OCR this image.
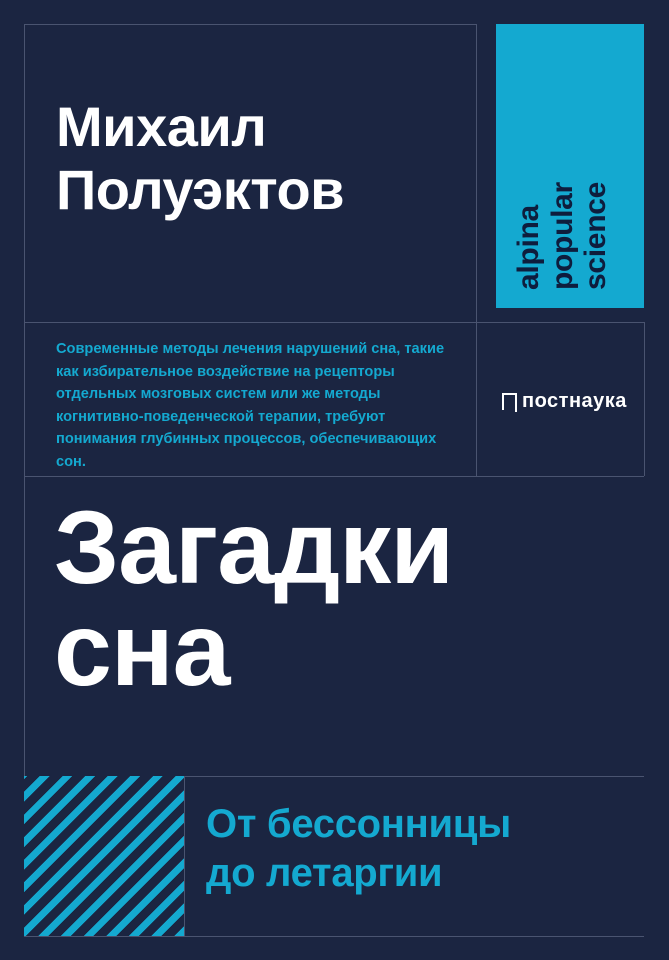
Михаил
Полуэктов
alpina popular science
Современные методы лечения нарушений сна, такие как избирательное воздействие на рецепторы отдельных мозговых систем или же методы когнитивно-поведенческой терапии, требуют понимания глубинных процессов, обеспечивающих сон.
постнаука
Загадки
сна
От бессонницы
до летаргии
